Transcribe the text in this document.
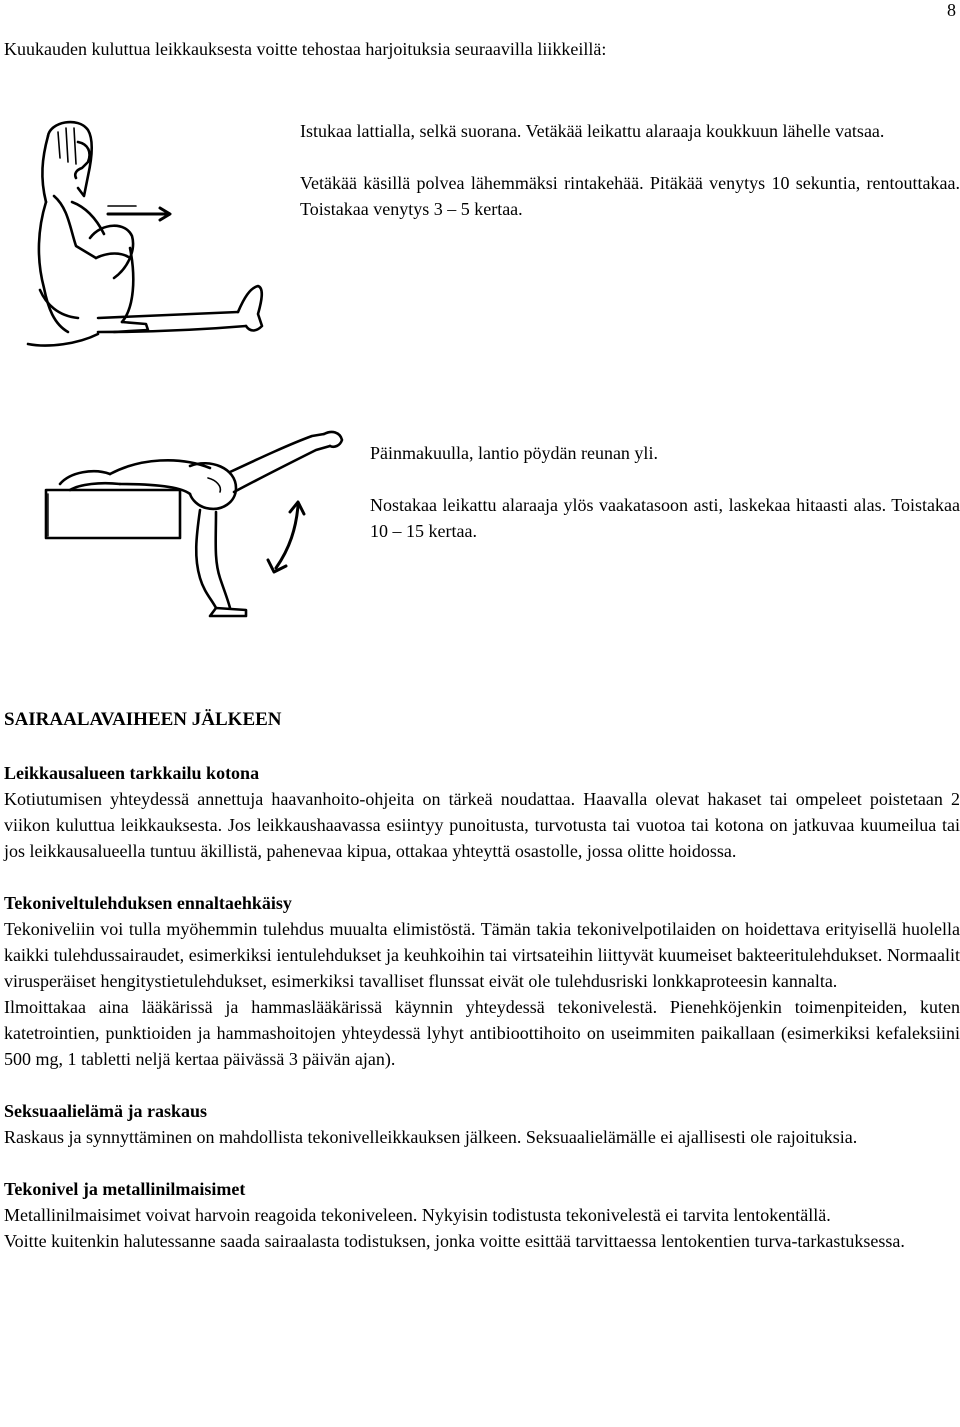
8
Kuukauden kuluttua leikkauksesta voitte tehostaa harjoituksia seuraavilla liikkeillä:

Istukaa lattialla, selkä suorana. Vetäkää leikattu alaraaja koukkuun lähelle vatsaa.

Vetäkää käsillä polvea lähemmäksi rintakehää. Pitäkää venytys 10 sekuntia, rentouttakaa. Toistakaa venytys 3 – 5 kertaa.

Päinmakuulla, lantio pöydän reunan yli.

Nostakaa leikattu alaraaja ylös vaakatasoon asti, laskekaa hitaasti alas. Toistakaa 10 – 15 kertaa.

SAIRAALAVAIHEEN JÄLKEEN
Leikkausalueen tarkkailu kotona

Kotiutumisen yhteydessä annettuja haavanhoito-ohjeita on tärkeä noudattaa. Haavalla olevat hakaset tai ompeleet poistetaan 2 viikon kuluttua leikkauksesta. Jos leikkaushaavassa esiintyy punoitusta, turvotusta tai vuotoa tai kotona on jatkuvaa kuumeilua tai jos leikkausalueella tuntuu äkillistä, pahenevaa kipua, ottakaa yhteyttä osastolle, jossa olitte hoidossa.

Tekoniveltulehduksen ennaltaehkäisy

Tekoniveliin voi tulla myöhemmin tulehdus muualta elimistöstä. Tämän takia tekonivelpotilaiden on hoidettava erityisellä huolella kaikki tulehdussairaudet, esimerkiksi ientulehdukset ja keuhkoihin tai virtsateihin liittyvät kuumeiset bakteeritulehdukset. Normaalit virusperäiset hengitystietulehdukset, esimerkiksi tavalliset flunssat eivät ole tulehdusriski lonkkaproteesin kannalta.

Ilmoittakaa aina lääkärissä ja hammaslääkärissä käynnin yhteydessä tekonivelestä. Pienehköjenkin toimenpiteiden, kuten katetrointien, punktioiden ja hammashoitojen yhteydessä lyhyt antibioottihoito on useimmiten paikallaan (esimerkiksi kefaleksiini 500 mg, 1 tabletti neljä kertaa päivässä 3 päivän ajan).

Seksuaalielämä ja raskaus

Raskaus ja synnyttäminen on mahdollista tekonivelleikkauksen jälkeen. Seksuaalielämälle ei ajallisesti ole rajoituksia.

Tekonivel ja metallinilmaisimet

Metallinilmaisimet voivat harvoin reagoida tekoniveleen. Nykyisin todistusta tekonivelestä ei tarvita lentokentällä.

Voitte kuitenkin halutessanne saada sairaalasta todistuksen, jonka voitte esittää tarvittaessa lentokentien turva-tarkastuksessa.
